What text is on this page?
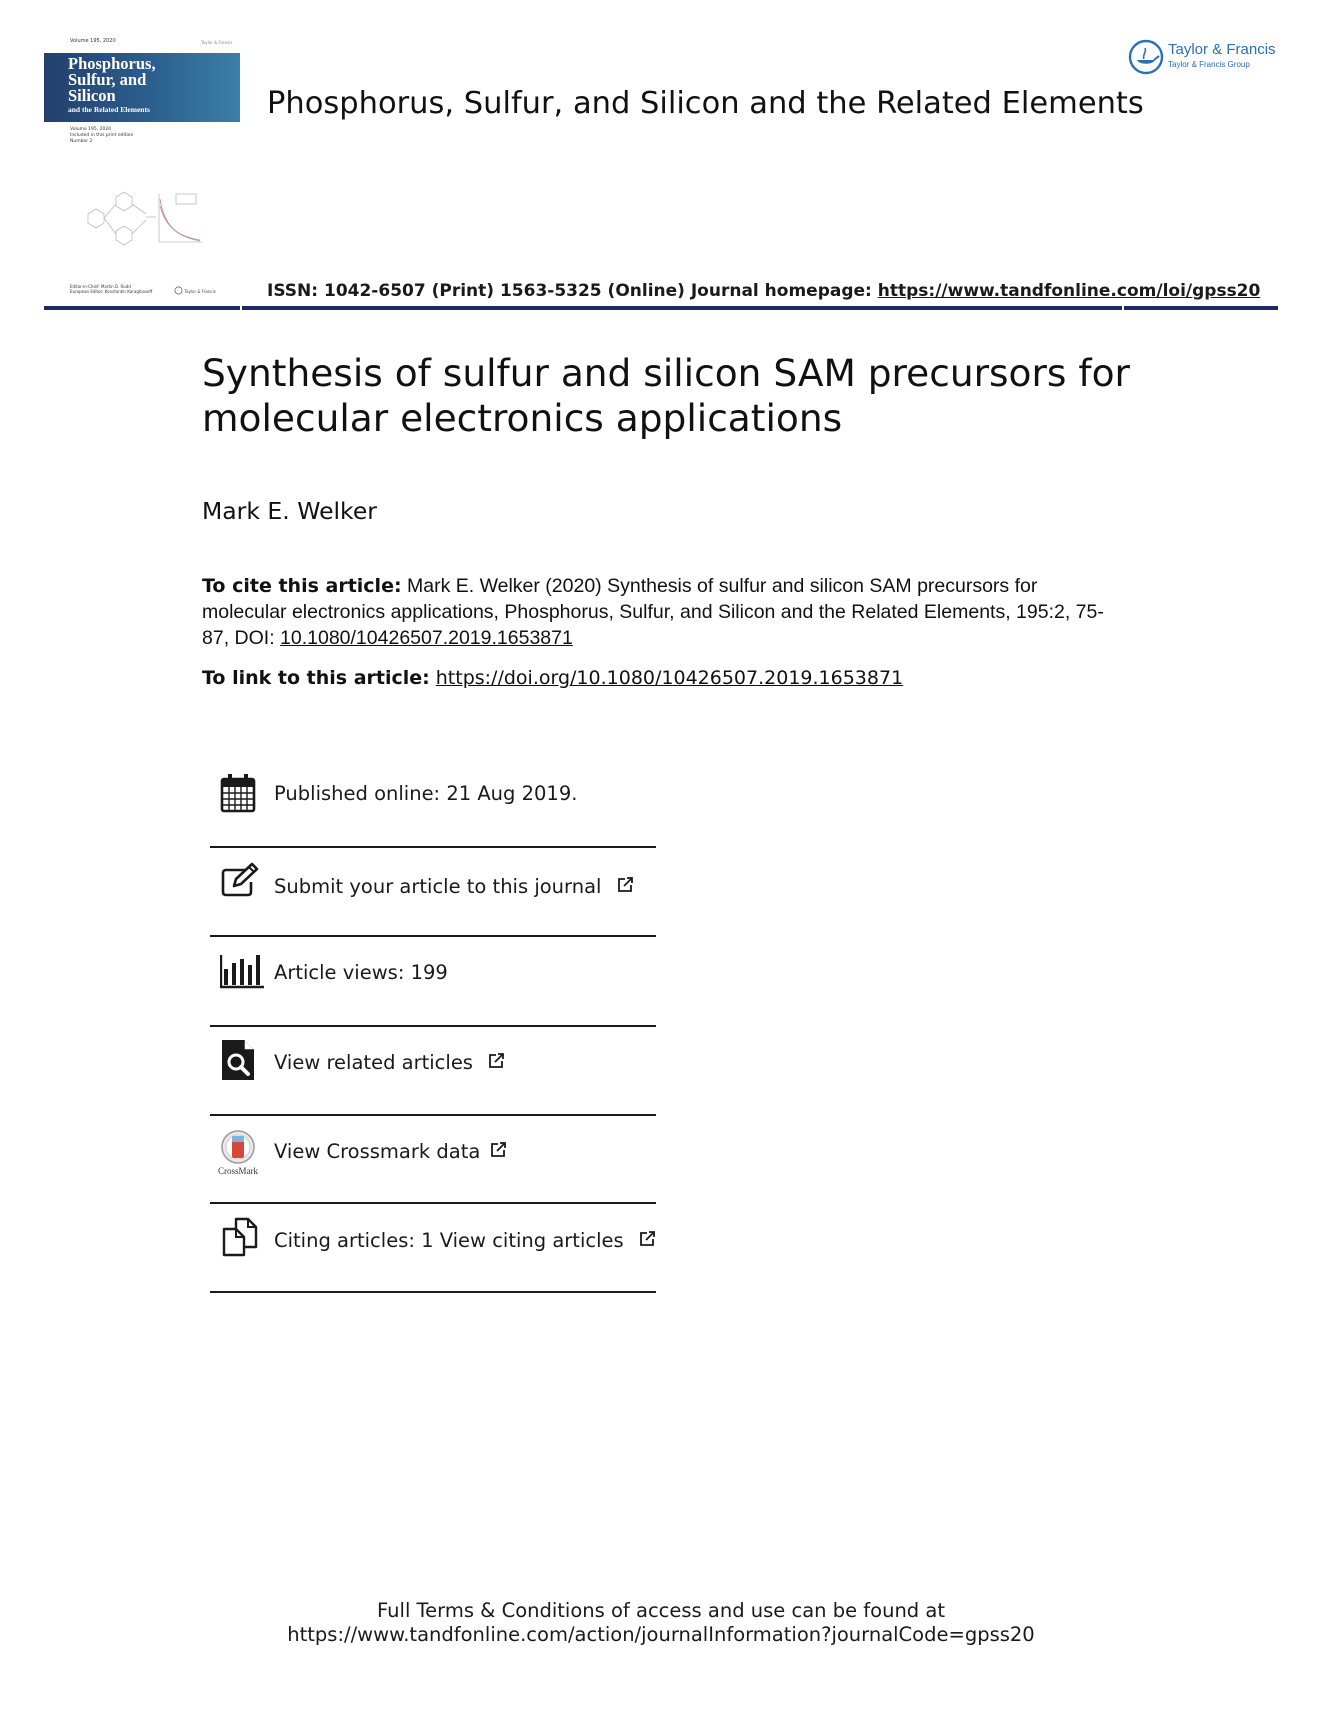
Volume 195, 2020	Taylor & Francis
Phosphorus,
Sulfur, and
Silicon
and the Related Elements
Volume 195, 2020
Included in this print edition
Number 2
Editor-in-Chief: Martin D. Rudd
European Editor: Konstantin Karaghiosoff	Taylor & Francis
Phosphorus, Sulfur, and Silicon and the Related Elements
Taylor & Francis
Taylor & Francis Group
ISSN: 1042-6507 (Print) 1563-5325 (Online) Journal homepage: https://www.tandfonline.com/loi/gpss20
Synthesis of sulfur and silicon SAM precursors for molecular electronics applications
Mark E. Welker
To cite this article: Mark E. Welker (2020) Synthesis of sulfur and silicon SAM precursors for molecular electronics applications, Phosphorus, Sulfur, and Silicon and the Related Elements, 195:2, 75-87, DOI: 10.1080/10426507.2019.1653871
To link to this article: https://doi.org/10.1080/10426507.2019.1653871
Published online: 21 Aug 2019.
Submit your article to this journal
Article views: 199
View related articles
CrossMark
View Crossmark data
Citing articles: 1 View citing articles
Full Terms & Conditions of access and use can be found at
https://www.tandfonline.com/action/journalInformation?journalCode=gpss20
